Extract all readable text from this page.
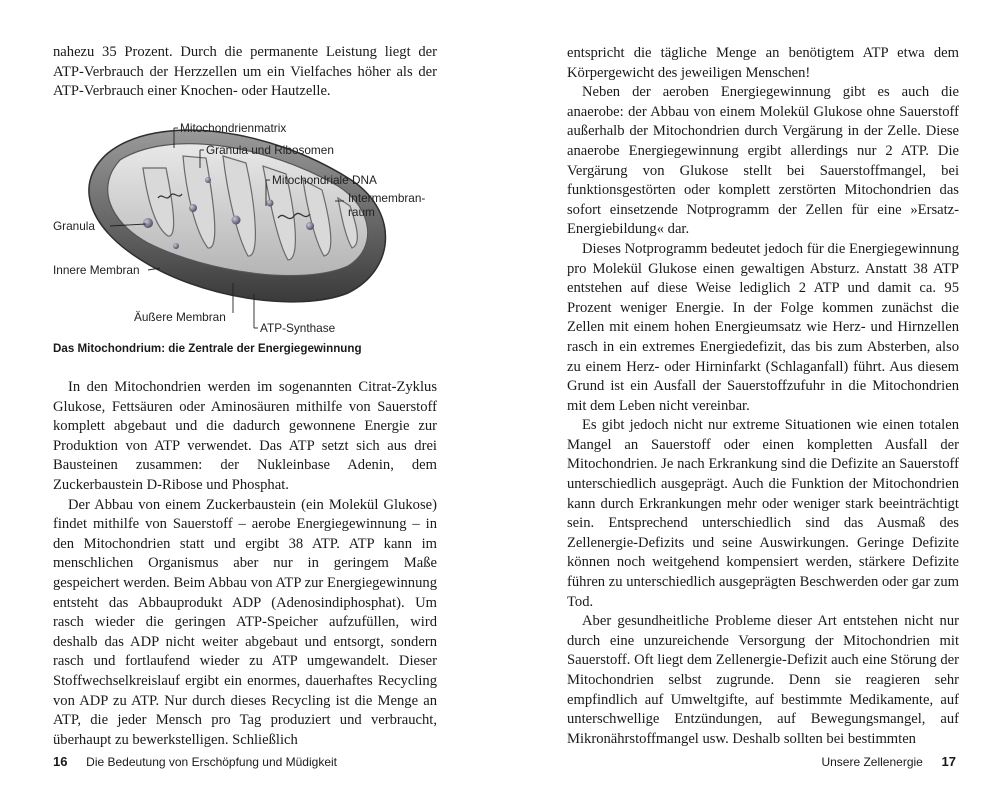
nahezu 35 Prozent. Durch die permanente Leistung liegt der ATP-Verbrauch der Herzzellen um ein Vielfaches höher als der ATP-Verbrauch einer Knochen- oder Hautzelle.

Mitochondrienmatrix
Granula und Ribosomen
Mitochondriale DNA
Intermembran-
raum
Granula
Innere Membran
Äußere Membran
ATP-Synthase
Das Mitochondrium: die Zentrale der Energiegewinnung

In den Mitochondrien werden im sogenannten Citrat-Zyklus Glukose, Fettsäuren oder Aminosäuren mithilfe von Sauerstoff komplett abgebaut und die dadurch gewonnene Energie zur Produktion von ATP verwendet. Das ATP setzt sich aus drei Bausteinen zusammen: der Nukleinbase Adenin, dem Zuckerbaustein D-Ribose und Phosphat.

Der Abbau von einem Zuckerbaustein (ein Molekül Glukose) findet mithilfe von Sauerstoff – aerobe Energiegewinnung – in den Mitochondrien statt und ergibt 38 ATP. ATP kann im menschlichen Organismus aber nur in geringem Maße gespeichert werden. Beim Abbau von ATP zur Energiegewinnung entsteht das Abbauprodukt ADP (Adenosindiphosphat). Um rasch wieder die geringen ATP-Speicher aufzufüllen, wird deshalb das ADP nicht weiter abgebaut und entsorgt, sondern rasch und fortlaufend wieder zu ATP umgewandelt. Dieser Stoffwechselkreislauf ergibt ein enormes, dauerhaftes Recycling von ADP zu ATP. Nur durch dieses Recycling ist die Menge an ATP, die jeder Mensch pro Tag produziert und verbraucht, überhaupt zu bewerkstelligen. Schließlich

16 Die Bedeutung von Erschöpfung und Müdigkeit

entspricht die tägliche Menge an benötigtem ATP etwa dem Körpergewicht des jeweiligen Menschen!

Neben der aeroben Energiegewinnung gibt es auch die anaerobe: der Abbau von einem Molekül Glukose ohne Sauerstoff außerhalb der Mitochondrien durch Vergärung in der Zelle. Diese anaerobe Energiegewinnung ergibt allerdings nur 2 ATP. Die Vergärung von Glukose stellt bei Sauerstoffmangel, bei funktionsgestörten oder komplett zerstörten Mitochondrien das sofort einsetzende Notprogramm der Zellen für eine »Ersatz-Energiebildung« dar.

Dieses Notprogramm bedeutet jedoch für die Energiegewinnung pro Molekül Glukose einen gewaltigen Absturz. Anstatt 38 ATP entstehen auf diese Weise lediglich 2 ATP und damit ca. 95 Prozent weniger Energie. In der Folge kommen zunächst die Zellen mit einem hohen Energieumsatz wie Herz- und Hirnzellen rasch in ein extremes Energiedefizit, das bis zum Absterben, also zu einem Herz- oder Hirninfarkt (Schlaganfall) führt. Aus diesem Grund ist ein Ausfall der Sauerstoffzufuhr in die Mitochondrien mit dem Leben nicht vereinbar.

Es gibt jedoch nicht nur extreme Situationen wie einen totalen Mangel an Sauerstoff oder einen kompletten Ausfall der Mitochondrien. Je nach Erkrankung sind die Defizite an Sauerstoff unterschiedlich ausgeprägt. Auch die Funktion der Mitochondrien kann durch Erkrankungen mehr oder weniger stark beeinträchtigt sein. Entsprechend unterschiedlich sind das Ausmaß des Zellenergie-Defizits und seine Auswirkungen. Geringe Defizite können noch weitgehend kompensiert werden, stärkere Defizite führen zu unterschiedlich ausgeprägten Beschwerden oder gar zum Tod.

Aber gesundheitliche Probleme dieser Art entstehen nicht nur durch eine unzureichende Versorgung der Mitochondrien mit Sauerstoff. Oft liegt dem Zellenergie-Defizit auch eine Störung der Mitochondrien selbst zugrunde. Denn sie reagieren sehr empfindlich auf Umweltgifte, auf bestimmte Medikamente, auf unterschwellige Entzündungen, auf Bewegungsmangel, auf Mikronährstoffmangel usw. Deshalb sollten bei bestimmten

Unsere Zellenergie 17
